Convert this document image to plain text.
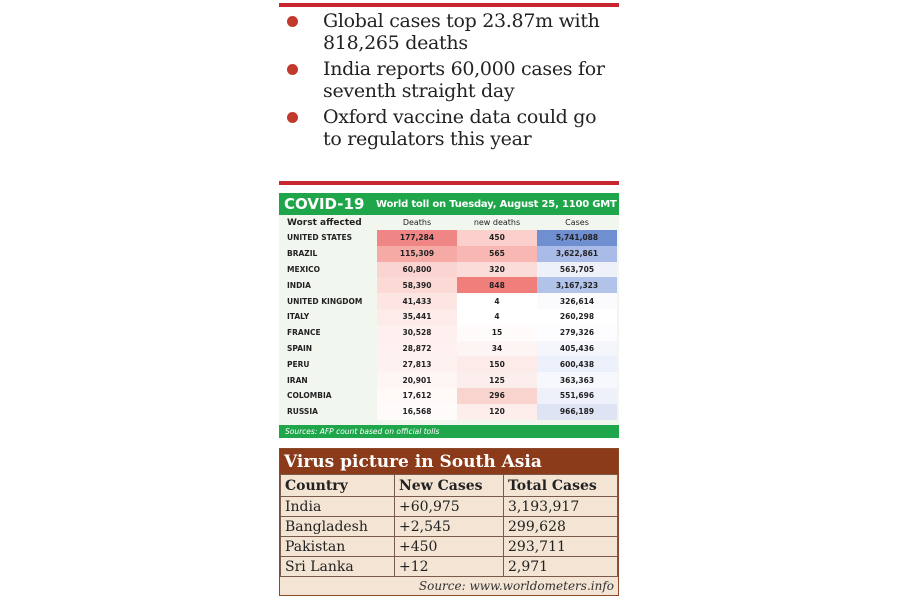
Global cases top 23.87m with 818,265 deaths
India reports 60,000 cases for seventh straight day
Oxford vaccine data could go to regulators this year
COVID-19	World toll on Tuesday, August 25, 1100 GMT
Worst affected	Deaths	new deaths	Cases
UNITED STATES	177,284	450	5,741,088
BRAZIL	115,309	565	3,622,861
MEXICO	60,800	320	563,705
INDIA	58,390	848	3,167,323
UNITED KINGDOM	41,433	4	326,614
ITALY	35,441	4	260,298
FRANCE	30,528	15	279,326
SPAIN	28,872	34	405,436
PERU	27,813	150	600,438
IRAN	20,901	125	363,363
COLOMBIA	17,612	296	551,696
RUSSIA	16,568	120	966,189
Sources: AFP count based on official tolls
Virus picture in South Asia
Country	New Cases	Total Cases
India	+60,975	3,193,917
Bangladesh	+2,545	299,628
Pakistan	+450	293,711
Sri Lanka	+12	2,971
Source: www.worldometers.info
